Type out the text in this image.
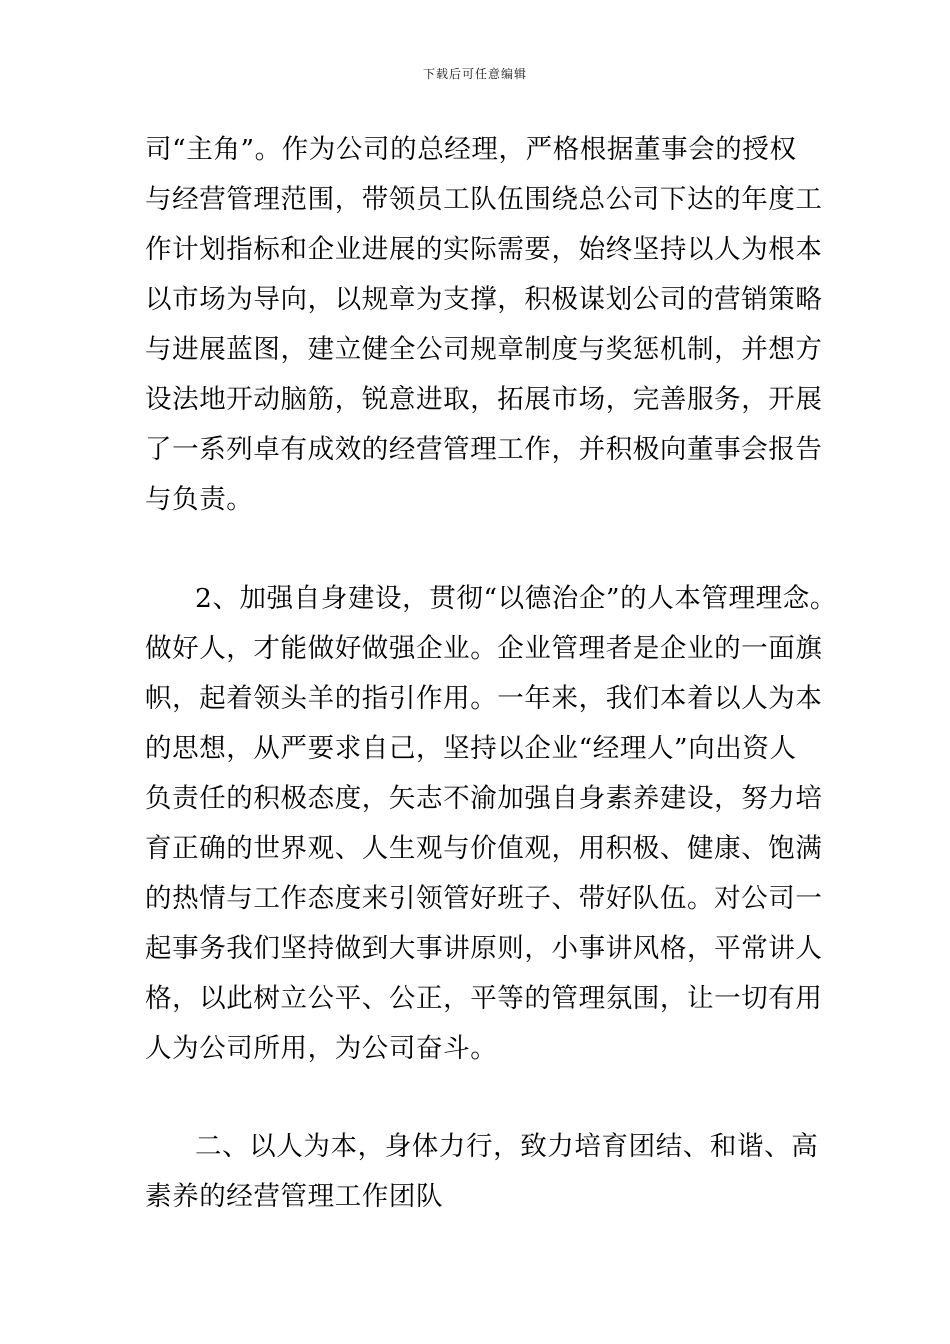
下载后可任意编辑
司“主角”。作为公司的总经理，严格根据董事会的授权
与经营管理范围，带领员工队伍围绕总公司下达的年度工
作计划指标和企业进展的实际需要，始终坚持以人为根本
以市场为导向，以规章为支撑，积极谋划公司的营销策略
与进展蓝图，建立健全公司规章制度与奖惩机制，并想方
设法地开动脑筋，锐意进取，拓展市场，完善服务，开展
了一系列卓有成效的经营管理工作，并积极向董事会报告
与负责。
2、加强自身建设，贯彻“以德治企”的人本管理理念。
做好人，才能做好做强企业。企业管理者是企业的一面旗
帜，起着领头羊的指引作用。一年来，我们本着以人为本
的思想，从严要求自己，坚持以企业“经理人”向出资人
负责任的积极态度，矢志不渝加强自身素养建设，努力培
育正确的世界观、人生观与价值观，用积极、健康、饱满
的热情与工作态度来引领管好班子、带好队伍。对公司一
起事务我们坚持做到大事讲原则，小事讲风格，平常讲人
格，以此树立公平、公正，平等的管理氛围，让一切有用
人为公司所用，为公司奋斗。
二、以人为本，身体力行，致力培育团结、和谐、高
素养的经营管理工作团队
